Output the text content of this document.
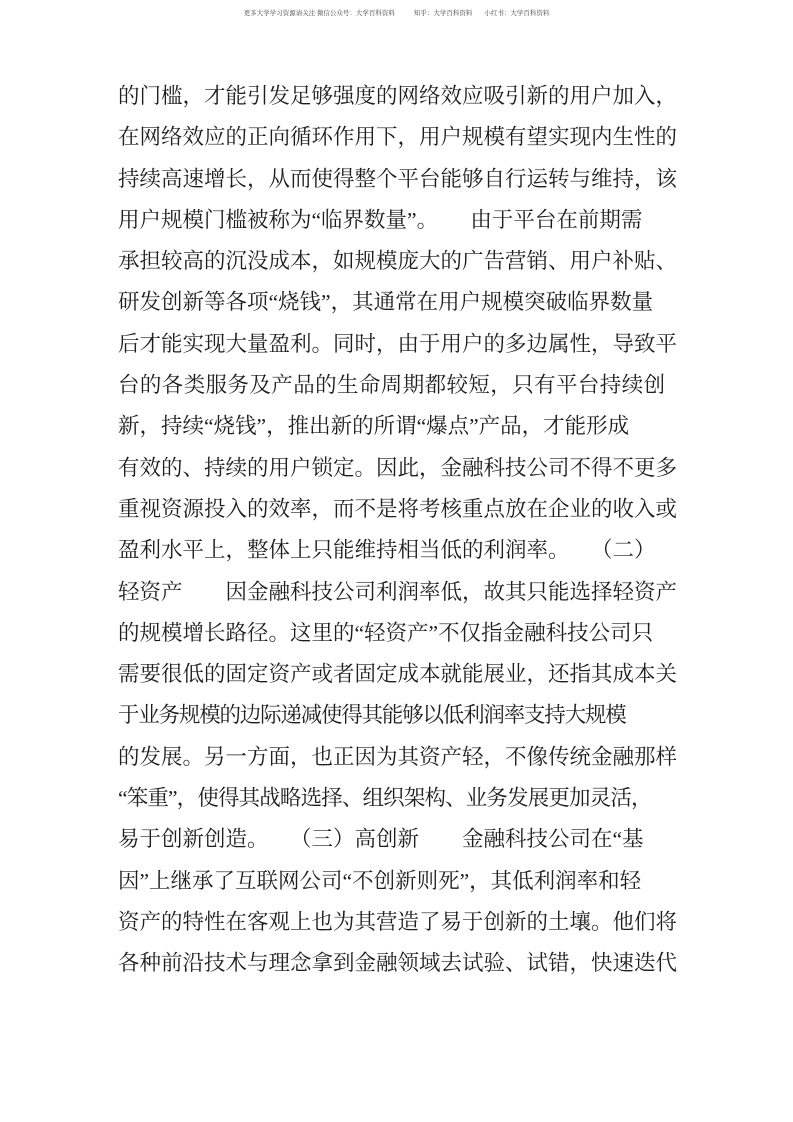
更多大学学习资源请关注 微信公众号：大学百科资料	知乎：大学百科资料 小红书：大学百科资料
的门槛，才能引发足够强度的网络效应吸引新的用户加入，
在网络效应的正向循环作用下，用户规模有望实现内生性的
持续高速增长，从而使得整个平台能够自行运转与维持，该
用户规模门槛被称为“临界数量”。　　由于平台在前期需
承担较高的沉没成本，如规模庞大的广告营销、用户补贴、
研发创新等各项“烧钱”，其通常在用户规模突破临界数量
后才能实现大量盈利。同时，由于用户的多边属性，导致平
台的各类服务及产品的生命周期都较短，只有平台持续创
新，持续“烧钱”，推出新的所谓“爆点”产品，才能形成
有效的、持续的用户锁定。因此，金融科技公司不得不更多
重视资源投入的效率，而不是将考核重点放在企业的收入或
盈利水平上，整体上只能维持相当低的利润率。　　（二）
轻资产　　因金融科技公司利润率低，故其只能选择轻资产
的规模增长路径。这里的“轻资产”不仅指金融科技公司只
需要很低的固定资产或者固定成本就能展业，还指其成本关
于业务规模的边际递减使得其能够以低利润率支持大规模
的发展。另一方面，也正因为其资产轻，不像传统金融那样
“笨重”，使得其战略选择、组织架构、业务发展更加灵活，
易于创新创造。　　（三）高创新　　金融科技公司在“基
因”上继承了互联网公司“不创新则死”，其低利润率和轻
资产的特性在客观上也为其营造了易于创新的土壤。他们将
各种前沿技术与理念拿到金融领域去试验、试错，快速迭代
